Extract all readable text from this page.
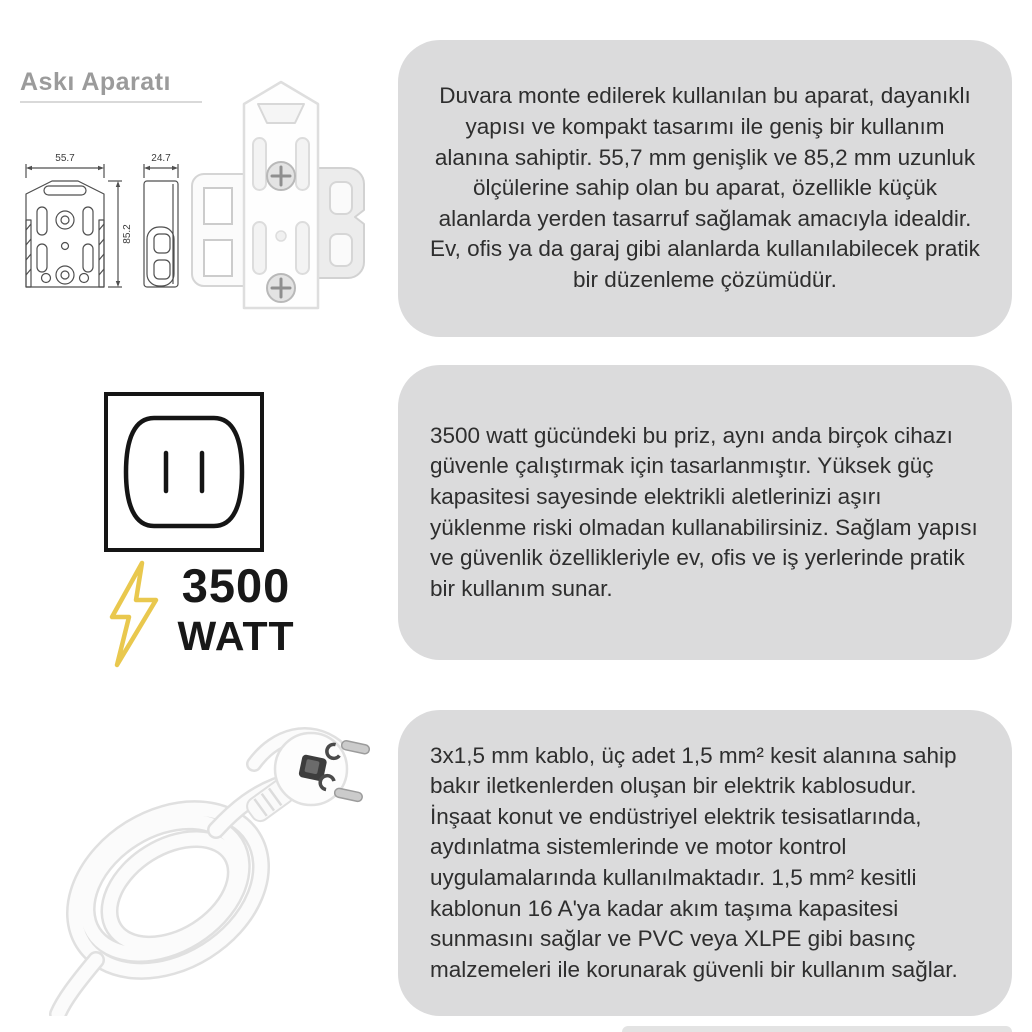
Askı Aparatı
55.7	24.7
85.2
Duvara monte edilerek kullanılan bu aparat, dayanıklı yapısı ve kompakt tasarımı ile geniş bir kullanım alanına sahiptir. 55,7 mm genişlik ve 85,2 mm uzunluk ölçülerine sahip olan bu aparat, özellikle küçük alanlarda yerden tasarruf sağlamak amacıyla idealdir. Ev, ofis ya da garaj gibi alanlarda kullanılabilecek pratik bir düzenleme çözümüdür.
3500
WATT
3500 watt gücündeki bu priz, aynı anda birçok cihazı güvenle çalıştırmak için tasarlanmıştır. Yüksek güç kapasitesi sayesinde elektrikli aletlerinizi aşırı yüklenme riski olmadan kullanabilirsiniz. Sağlam yapısı ve güvenlik özellikleriyle ev, ofis ve iş yerlerinde pratik bir kullanım sunar.
3x1,5 mm kablo, üç adet 1,5 mm² kesit alanına sahip bakır iletkenlerden oluşan bir elektrik kablosudur. İnşaat konut ve endüstriyel elektrik tesisatlarında, aydınlatma sistemlerinde ve motor kontrol uygulamalarında kullanılmaktadır. 1,5 mm² kesitli kablonun 16 A'ya kadar akım taşıma kapasitesi sunmasını sağlar ve PVC veya XLPE gibi basınç malzemeleri ile korunarak güvenli bir kullanım sağlar.
